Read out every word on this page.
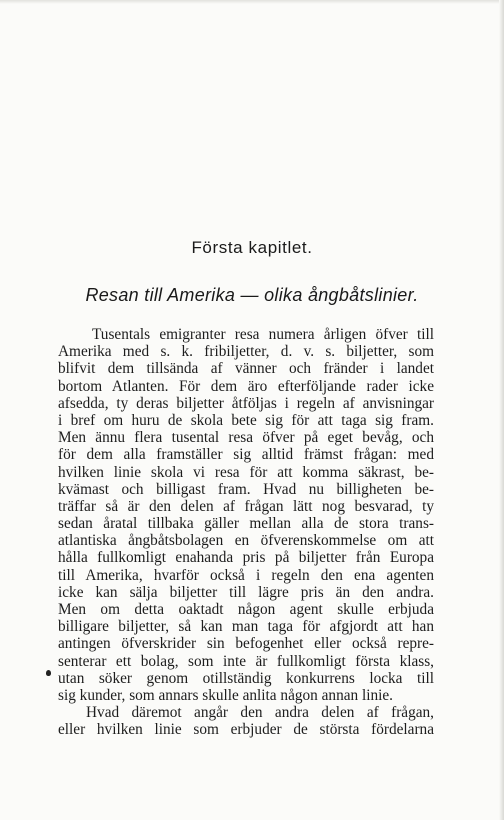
Första kapitlet.
Resan till Amerika — olika ångbåtslinier.
Tusentals emigranter resa numera årligen öfver till
Amerika med s. k. fribiljetter, d. v. s. biljetter, som
blifvit dem tillsända af vänner och fränder i landet
bortom Atlanten. För dem äro efterföljande rader icke
afsedda, ty deras biljetter åtföljas i regeln af anvisningar
i bref om huru de skola bete sig för att taga sig fram.
Men ännu flera tusental resa öfver på eget bevåg, och
för dem alla framställer sig alltid främst frågan: med
hvilken linie skola vi resa för att komma säkrast, be-
kvämast och billigast fram. Hvad nu billigheten be-
träffar så är den delen af frågan lätt nog besvarad, ty
sedan åratal tillbaka gäller mellan alla de stora trans-
atlantiska ångbåtsbolagen en öfverenskommelse om att
hålla fullkomligt enahanda pris på biljetter från Europa
till Amerika, hvarför också i regeln den ena agenten
icke kan sälja biljetter till lägre pris än den andra.
Men om detta oaktadt någon agent skulle erbjuda
billigare biljetter, så kan man taga för afgjordt att han
antingen öfverskrider sin befogenhet eller också repre-
senterar ett bolag, som inte är fullkomligt första klass,
utan söker genom otillständig konkurrens locka till
sig kunder, som annars skulle anlita någon annan linie.
Hvad däremot angår den andra delen af frågan,
eller hvilken linie som erbjuder de största fördelarna
